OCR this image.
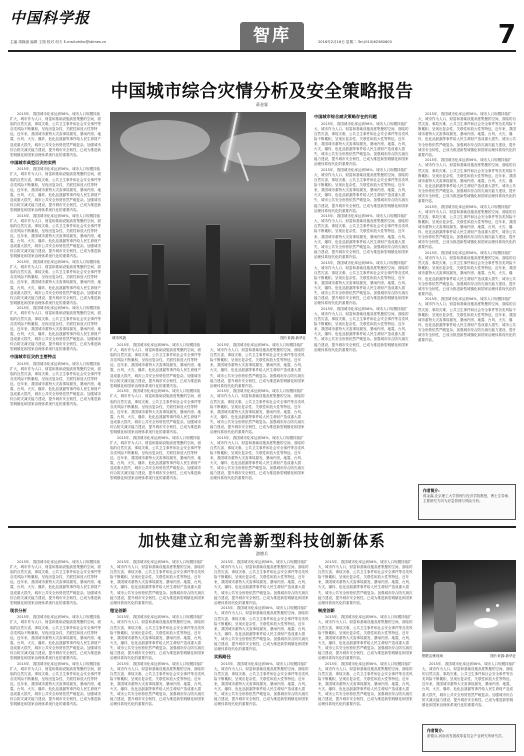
中国科学报
智库	7
主编 周晓丽 编辑 王翔 校对 何天 E-mail:zhiku@stimes.cn	2016年2月16日 星期二 Tel:(010)62580603
中国城市综合灾情分析及安全策略报告
蒋金霖

2015年，我国城市化率达到56%，城市人口规模持续扩大，城市作为人口、财富和基础设施高度集聚的空间，面临的自然灾害、事故灾难、公共卫生事件和社会安全事件等各类风险不断累积，呈现出复杂性、关联性和放大性等特征。近年来，我国城市重特大灾害事故频发，暴雨内涝、地震、台风、火灾、爆炸、危化品泄漏等事件给人民生命财产造成重大损失，城市公共安全形势依然严峻复杂。加强城市综合防灾减灾能力建设，提升城市安全韧性，已成为推进新型城镇化和国家治理体系现代化的重要内容。

中国城市典型巨灾的实例

2015年，我国城市化率达到56%，城市人口规模持续扩大，城市作为人口、财富和基础设施高度集聚的空间，面临的自然灾害、事故灾难、公共卫生事件和社会安全事件等各类风险不断累积，呈现出复杂性、关联性和放大性等特征。近年来，我国城市重特大灾害事故频发，暴雨内涝、地震、台风、火灾、爆炸、危化品泄漏等事件给人民生命财产造成重大损失，城市公共安全形势依然严峻复杂。加强城市综合防灾减灾能力建设，提升城市安全韧性，已成为推进新型城镇化和国家治理体系现代化的重要内容。

2015年，我国城市化率达到56%，城市人口规模持续扩大，城市作为人口、财富和基础设施高度集聚的空间，面临的自然灾害、事故灾难、公共卫生事件和社会安全事件等各类风险不断累积，呈现出复杂性、关联性和放大性等特征。近年来，我国城市重特大灾害事故频发，暴雨内涝、地震、台风、火灾、爆炸、危化品泄漏等事件给人民生命财产造成重大损失，城市公共安全形势依然严峻复杂。加强城市综合防灾减灾能力建设，提升城市安全韧性，已成为推进新型城镇化和国家治理体系现代化的重要内容。

2015年，我国城市化率达到56%，城市人口规模持续扩大，城市作为人口、财富和基础设施高度集聚的空间，面临的自然灾害、事故灾难、公共卫生事件和社会安全事件等各类风险不断累积，呈现出复杂性、关联性和放大性等特征。近年来，我国城市重特大灾害事故频发，暴雨内涝、地震、台风、火灾、爆炸、危化品泄漏等事件给人民生命财产造成重大损失，城市公共安全形势依然严峻复杂。加强城市综合防灾减灾能力建设，提升城市安全韧性，已成为推进新型城镇化和国家治理体系现代化的重要内容。

2015年，我国城市化率达到56%，城市人口规模持续扩大，城市作为人口、财富和基础设施高度集聚的空间，面临的自然灾害、事故灾难、公共卫生事件和社会安全事件等各类风险不断累积，呈现出复杂性、关联性和放大性等特征。近年来，我国城市重特大灾害事故频发，暴雨内涝、地震、台风、火灾、爆炸、危化品泄漏等事件给人民生命财产造成重大损失，城市公共安全形势依然严峻复杂。加强城市综合防灾减灾能力建设，提升城市安全韧性，已成为推进新型城镇化和国家治理体系现代化的重要内容。

中国城市巨灾的主要特点

2015年，我国城市化率达到56%，城市人口规模持续扩大，城市作为人口、财富和基础设施高度集聚的空间，面临的自然灾害、事故灾难、公共卫生事件和社会安全事件等各类风险不断累积，呈现出复杂性、关联性和放大性等特征。近年来，我国城市重特大灾害事故频发，暴雨内涝、地震、台风、火灾、爆炸、危化品泄漏等事件给人民生命财产造成重大损失，城市公共安全形势依然严峻复杂。加强城市综合防灾减灾能力建设，提升城市安全韧性，已成为推进新型城镇化和国家治理体系现代化的重要内容。

城市风貌	图片来源:新华社

2015年，我国城市化率达到56%，城市人口规模持续扩大，城市作为人口、财富和基础设施高度集聚的空间，面临的自然灾害、事故灾难、公共卫生事件和社会安全事件等各类风险不断累积，呈现出复杂性、关联性和放大性等特征。近年来，我国城市重特大灾害事故频发，暴雨内涝、地震、台风、火灾、爆炸、危化品泄漏等事件给人民生命财产造成重大损失，城市公共安全形势依然严峻复杂。加强城市综合防灾减灾能力建设，提升城市安全韧性，已成为推进新型城镇化和国家治理体系现代化的重要内容。

2015年，我国城市化率达到56%，城市人口规模持续扩大，城市作为人口、财富和基础设施高度集聚的空间，面临的自然灾害、事故灾难、公共卫生事件和社会安全事件等各类风险不断累积，呈现出复杂性、关联性和放大性等特征。近年来，我国城市重特大灾害事故频发，暴雨内涝、地震、台风、火灾、爆炸、危化品泄漏等事件给人民生命财产造成重大损失，城市公共安全形势依然严峻复杂。加强城市综合防灾减灾能力建设，提升城市安全韧性，已成为推进新型城镇化和国家治理体系现代化的重要内容。

2015年，我国城市化率达到56%，城市人口规模持续扩大，城市作为人口、财富和基础设施高度集聚的空间，面临的自然灾害、事故灾难、公共卫生事件和社会安全事件等各类风险不断累积，呈现出复杂性、关联性和放大性等特征。近年来，我国城市重特大灾害事故频发，暴雨内涝、地震、台风、火灾、爆炸、危化品泄漏等事件给人民生命财产造成重大损失，城市公共安全形势依然严峻复杂。加强城市综合防灾减灾能力建设，提升城市安全韧性，已成为推进新型城镇化和国家治理体系现代化的重要内容。

2015年，我国城市化率达到56%，城市人口规模持续扩大，城市作为人口、财富和基础设施高度集聚的空间，面临的自然灾害、事故灾难、公共卫生事件和社会安全事件等各类风险不断累积，呈现出复杂性、关联性和放大性等特征。近年来，我国城市重特大灾害事故频发，暴雨内涝、地震、台风、火灾、爆炸、危化品泄漏等事件给人民生命财产造成重大损失，城市公共安全形势依然严峻复杂。加强城市综合防灾减灾能力建设，提升城市安全韧性，已成为推进新型城镇化和国家治理体系现代化的重要内容。

2015年，我国城市化率达到56%，城市人口规模持续扩大，城市作为人口、财富和基础设施高度集聚的空间，面临的自然灾害、事故灾难、公共卫生事件和社会安全事件等各类风险不断累积，呈现出复杂性、关联性和放大性等特征。近年来，我国城市重特大灾害事故频发，暴雨内涝、地震、台风、火灾、爆炸、危化品泄漏等事件给人民生命财产造成重大损失，城市公共安全形势依然严峻复杂。加强城市综合防灾减灾能力建设，提升城市安全韧性，已成为推进新型城镇化和国家治理体系现代化的重要内容。

2015年，我国城市化率达到56%，城市人口规模持续扩大，城市作为人口、财富和基础设施高度集聚的空间，面临的自然灾害、事故灾难、公共卫生事件和社会安全事件等各类风险不断累积，呈现出复杂性、关联性和放大性等特征。近年来，我国城市重特大灾害事故频发，暴雨内涝、地震、台风、火灾、爆炸、危化品泄漏等事件给人民生命财产造成重大损失，城市公共安全形势依然严峻复杂。加强城市综合防灾减灾能力建设，提升城市安全韧性，已成为推进新型城镇化和国家治理体系现代化的重要内容。

中国城市综合减灾策略存在的问题

2015年，我国城市化率达到56%，城市人口规模持续扩大，城市作为人口、财富和基础设施高度集聚的空间，面临的自然灾害、事故灾难、公共卫生事件和社会安全事件等各类风险不断累积，呈现出复杂性、关联性和放大性等特征。近年来，我国城市重特大灾害事故频发，暴雨内涝、地震、台风、火灾、爆炸、危化品泄漏等事件给人民生命财产造成重大损失，城市公共安全形势依然严峻复杂。加强城市综合防灾减灾能力建设，提升城市安全韧性，已成为推进新型城镇化和国家治理体系现代化的重要内容。

2015年，我国城市化率达到56%，城市人口规模持续扩大，城市作为人口、财富和基础设施高度集聚的空间，面临的自然灾害、事故灾难、公共卫生事件和社会安全事件等各类风险不断累积，呈现出复杂性、关联性和放大性等特征。近年来，我国城市重特大灾害事故频发，暴雨内涝、地震、台风、火灾、爆炸、危化品泄漏等事件给人民生命财产造成重大损失，城市公共安全形势依然严峻复杂。加强城市综合防灾减灾能力建设，提升城市安全韧性，已成为推进新型城镇化和国家治理体系现代化的重要内容。

2015年，我国城市化率达到56%，城市人口规模持续扩大，城市作为人口、财富和基础设施高度集聚的空间，面临的自然灾害、事故灾难、公共卫生事件和社会安全事件等各类风险不断累积，呈现出复杂性、关联性和放大性等特征。近年来，我国城市重特大灾害事故频发，暴雨内涝、地震、台风、火灾、爆炸、危化品泄漏等事件给人民生命财产造成重大损失，城市公共安全形势依然严峻复杂。加强城市综合防灾减灾能力建设，提升城市安全韧性，已成为推进新型城镇化和国家治理体系现代化的重要内容。

2015年，我国城市化率达到56%，城市人口规模持续扩大，城市作为人口、财富和基础设施高度集聚的空间，面临的自然灾害、事故灾难、公共卫生事件和社会安全事件等各类风险不断累积，呈现出复杂性、关联性和放大性等特征。近年来，我国城市重特大灾害事故频发，暴雨内涝、地震、台风、火灾、爆炸、危化品泄漏等事件给人民生命财产造成重大损失，城市公共安全形势依然严峻复杂。加强城市综合防灾减灾能力建设，提升城市安全韧性，已成为推进新型城镇化和国家治理体系现代化的重要内容。

2015年，我国城市化率达到56%，城市人口规模持续扩大，城市作为人口、财富和基础设施高度集聚的空间，面临的自然灾害、事故灾难、公共卫生事件和社会安全事件等各类风险不断累积，呈现出复杂性、关联性和放大性等特征。近年来，我国城市重特大灾害事故频发，暴雨内涝、地震、台风、火灾、爆炸、危化品泄漏等事件给人民生命财产造成重大损失，城市公共安全形势依然严峻复杂。加强城市综合防灾减灾能力建设，提升城市安全韧性，已成为推进新型城镇化和国家治理体系现代化的重要内容。

2015年，我国城市化率达到56%，城市人口规模持续扩大，城市作为人口、财富和基础设施高度集聚的空间，面临的自然灾害、事故灾难、公共卫生事件和社会安全事件等各类风险不断累积，呈现出复杂性、关联性和放大性等特征。近年来，我国城市重特大灾害事故频发，暴雨内涝、地震、台风、火灾、爆炸、危化品泄漏等事件给人民生命财产造成重大损失，城市公共安全形势依然严峻复杂。加强城市综合防灾减灾能力建设，提升城市安全韧性，已成为推进新型城镇化和国家治理体系现代化的重要内容。

2015年，我国城市化率达到56%，城市人口规模持续扩大，城市作为人口、财富和基础设施高度集聚的空间，面临的自然灾害、事故灾难、公共卫生事件和社会安全事件等各类风险不断累积，呈现出复杂性、关联性和放大性等特征。近年来，我国城市重特大灾害事故频发，暴雨内涝、地震、台风、火灾、爆炸、危化品泄漏等事件给人民生命财产造成重大损失，城市公共安全形势依然严峻复杂。加强城市综合防灾减灾能力建设，提升城市安全韧性，已成为推进新型城镇化和国家治理体系现代化的重要内容。

2015年，我国城市化率达到56%，城市人口规模持续扩大，城市作为人口、财富和基础设施高度集聚的空间，面临的自然灾害、事故灾难、公共卫生事件和社会安全事件等各类风险不断累积，呈现出复杂性、关联性和放大性等特征。近年来，我国城市重特大灾害事故频发，暴雨内涝、地震、台风、火灾、爆炸、危化品泄漏等事件给人民生命财产造成重大损失，城市公共安全形势依然严峻复杂。加强城市综合防灾减灾能力建设，提升城市安全韧性，已成为推进新型城镇化和国家治理体系现代化的重要内容。

2015年，我国城市化率达到56%，城市人口规模持续扩大，城市作为人口、财富和基础设施高度集聚的空间，面临的自然灾害、事故灾难、公共卫生事件和社会安全事件等各类风险不断累积，呈现出复杂性、关联性和放大性等特征。近年来，我国城市重特大灾害事故频发，暴雨内涝、地震、台风、火灾、爆炸、危化品泄漏等事件给人民生命财产造成重大损失，城市公共安全形势依然严峻复杂。加强城市综合防灾减灾能力建设，提升城市安全韧性，已成为推进新型城镇化和国家治理体系现代化的重要内容。

2015年，我国城市化率达到56%，城市人口规模持续扩大，城市作为人口、财富和基础设施高度集聚的空间，面临的自然灾害、事故灾难、公共卫生事件和社会安全事件等各类风险不断累积，呈现出复杂性、关联性和放大性等特征。近年来，我国城市重特大灾害事故频发，暴雨内涝、地震、台风、火灾、爆炸、危化品泄漏等事件给人民生命财产造成重大损失，城市公共安全形势依然严峻复杂。加强城市综合防灾减灾能力建设，提升城市安全韧性，已成为推进新型城镇化和国家治理体系现代化的重要内容。

作者简介:
蒋金霖,北京理工大学管理与经济学院教授、博士生导师,主要研究方向为应急管理与风险分析。
加快建立和完善新型科技创新体系
游德兵

2015年，我国城市化率达到56%，城市人口规模持续扩大，城市作为人口、财富和基础设施高度集聚的空间，面临的自然灾害、事故灾难、公共卫生事件和社会安全事件等各类风险不断累积，呈现出复杂性、关联性和放大性等特征。近年来，我国城市重特大灾害事故频发，暴雨内涝、地震、台风、火灾、爆炸、危化品泄漏等事件给人民生命财产造成重大损失，城市公共安全形势依然严峻复杂。加强城市综合防灾减灾能力建设，提升城市安全韧性，已成为推进新型城镇化和国家治理体系现代化的重要内容。

现状分析

2015年，我国城市化率达到56%，城市人口规模持续扩大，城市作为人口、财富和基础设施高度集聚的空间，面临的自然灾害、事故灾难、公共卫生事件和社会安全事件等各类风险不断累积，呈现出复杂性、关联性和放大性等特征。近年来，我国城市重特大灾害事故频发，暴雨内涝、地震、台风、火灾、爆炸、危化品泄漏等事件给人民生命财产造成重大损失，城市公共安全形势依然严峻复杂。加强城市综合防灾减灾能力建设，提升城市安全韧性，已成为推进新型城镇化和国家治理体系现代化的重要内容。

2015年，我国城市化率达到56%，城市人口规模持续扩大，城市作为人口、财富和基础设施高度集聚的空间，面临的自然灾害、事故灾难、公共卫生事件和社会安全事件等各类风险不断累积，呈现出复杂性、关联性和放大性等特征。近年来，我国城市重特大灾害事故频发，暴雨内涝、地震、台风、火灾、爆炸、危化品泄漏等事件给人民生命财产造成重大损失，城市公共安全形势依然严峻复杂。加强城市综合防灾减灾能力建设，提升城市安全韧性，已成为推进新型城镇化和国家治理体系现代化的重要内容。

2015年，我国城市化率达到56%，城市人口规模持续扩大，城市作为人口、财富和基础设施高度集聚的空间，面临的自然灾害、事故灾难、公共卫生事件和社会安全事件等各类风险不断累积，呈现出复杂性、关联性和放大性等特征。近年来，我国城市重特大灾害事故频发，暴雨内涝、地震、台风、火灾、爆炸、危化品泄漏等事件给人民生命财产造成重大损失，城市公共安全形势依然严峻复杂。加强城市综合防灾减灾能力建设，提升城市安全韧性，已成为推进新型城镇化和国家治理体系现代化的重要内容。

理论创新

2015年，我国城市化率达到56%，城市人口规模持续扩大，城市作为人口、财富和基础设施高度集聚的空间，面临的自然灾害、事故灾难、公共卫生事件和社会安全事件等各类风险不断累积，呈现出复杂性、关联性和放大性等特征。近年来，我国城市重特大灾害事故频发，暴雨内涝、地震、台风、火灾、爆炸、危化品泄漏等事件给人民生命财产造成重大损失，城市公共安全形势依然严峻复杂。加强城市综合防灾减灾能力建设，提升城市安全韧性，已成为推进新型城镇化和国家治理体系现代化的重要内容。

2015年，我国城市化率达到56%，城市人口规模持续扩大，城市作为人口、财富和基础设施高度集聚的空间，面临的自然灾害、事故灾难、公共卫生事件和社会安全事件等各类风险不断累积，呈现出复杂性、关联性和放大性等特征。近年来，我国城市重特大灾害事故频发，暴雨内涝、地震、台风、火灾、爆炸、危化品泄漏等事件给人民生命财产造成重大损失，城市公共安全形势依然严峻复杂。加强城市综合防灾减灾能力建设，提升城市安全韧性，已成为推进新型城镇化和国家治理体系现代化的重要内容。

2015年，我国城市化率达到56%，城市人口规模持续扩大，城市作为人口、财富和基础设施高度集聚的空间，面临的自然灾害、事故灾难、公共卫生事件和社会安全事件等各类风险不断累积，呈现出复杂性、关联性和放大性等特征。近年来，我国城市重特大灾害事故频发，暴雨内涝、地震、台风、火灾、爆炸、危化品泄漏等事件给人民生命财产造成重大损失，城市公共安全形势依然严峻复杂。加强城市综合防灾减灾能力建设，提升城市安全韧性，已成为推进新型城镇化和国家治理体系现代化的重要内容。

2015年，我国城市化率达到56%，城市人口规模持续扩大，城市作为人口、财富和基础设施高度集聚的空间，面临的自然灾害、事故灾难、公共卫生事件和社会安全事件等各类风险不断累积，呈现出复杂性、关联性和放大性等特征。近年来，我国城市重特大灾害事故频发，暴雨内涝、地震、台风、火灾、爆炸、危化品泄漏等事件给人民生命财产造成重大损失，城市公共安全形势依然严峻复杂。加强城市综合防灾减灾能力建设，提升城市安全韧性，已成为推进新型城镇化和国家治理体系现代化的重要内容。

实践路径

2015年，我国城市化率达到56%，城市人口规模持续扩大，城市作为人口、财富和基础设施高度集聚的空间，面临的自然灾害、事故灾难、公共卫生事件和社会安全事件等各类风险不断累积，呈现出复杂性、关联性和放大性等特征。近年来，我国城市重特大灾害事故频发，暴雨内涝、地震、台风、火灾、爆炸、危化品泄漏等事件给人民生命财产造成重大损失，城市公共安全形势依然严峻复杂。加强城市综合防灾减灾能力建设，提升城市安全韧性，已成为推进新型城镇化和国家治理体系现代化的重要内容。

2015年，我国城市化率达到56%，城市人口规模持续扩大，城市作为人口、财富和基础设施高度集聚的空间，面临的自然灾害、事故灾难、公共卫生事件和社会安全事件等各类风险不断累积，呈现出复杂性、关联性和放大性等特征。近年来，我国城市重特大灾害事故频发，暴雨内涝、地震、台风、火灾、爆炸、危化品泄漏等事件给人民生命财产造成重大损失，城市公共安全形势依然严峻复杂。加强城市综合防灾减灾能力建设，提升城市安全韧性，已成为推进新型城镇化和国家治理体系现代化的重要内容。

制度创新

2015年，我国城市化率达到56%，城市人口规模持续扩大，城市作为人口、财富和基础设施高度集聚的空间，面临的自然灾害、事故灾难、公共卫生事件和社会安全事件等各类风险不断累积，呈现出复杂性、关联性和放大性等特征。近年来，我国城市重特大灾害事故频发，暴雨内涝、地震、台风、火灾、爆炸、危化品泄漏等事件给人民生命财产造成重大损失，城市公共安全形势依然严峻复杂。加强城市综合防灾减灾能力建设，提升城市安全韧性，已成为推进新型城镇化和国家治理体系现代化的重要内容。

2015年，我国城市化率达到56%，城市人口规模持续扩大，城市作为人口、财富和基础设施高度集聚的空间，面临的自然灾害、事故灾难、公共卫生事件和社会安全事件等各类风险不断累积，呈现出复杂性、关联性和放大性等特征。近年来，我国城市重特大灾害事故频发，暴雨内涝、地震、台风、火灾、爆炸、危化品泄漏等事件给人民生命财产造成重大损失，城市公共安全形势依然严峻复杂。加强城市综合防灾减灾能力建设，提升城市安全韧性，已成为推进新型城镇化和国家治理体系现代化的重要内容。

钢铁冶炼现场	图片来源:新华社

2015年，我国城市化率达到56%，城市人口规模持续扩大，城市作为人口、财富和基础设施高度集聚的空间，面临的自然灾害、事故灾难、公共卫生事件和社会安全事件等各类风险不断累积，呈现出复杂性、关联性和放大性等特征。近年来，我国城市重特大灾害事故频发，暴雨内涝、地震、台风、火灾、爆炸、危化品泄漏等事件给人民生命财产造成重大损失，城市公共安全形势依然严峻复杂。加强城市综合防灾减灾能力建设，提升城市安全韧性，已成为推进新型城镇化和国家治理体系现代化的重要内容。

作者简介:
游德兵,河南省发展改革委员会产业研究所研究员。
